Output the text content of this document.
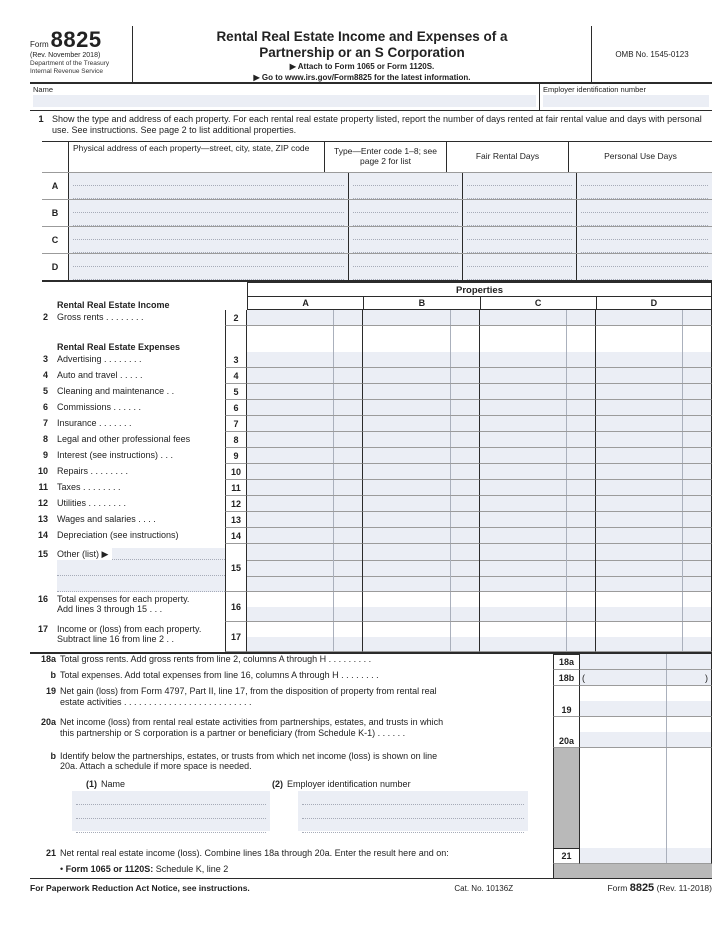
Form 8825
(Rev. November 2018)
Department of the Treasury
Internal Revenue Service
Rental Real Estate Income and Expenses of a
Partnership or an S Corporation
▶ Attach to Form 1065 or Form 1120S.
▶ Go to www.irs.gov/Form8825 for the latest information.
OMB No. 1545-0123
Name	Employer identification number
1 Show the type and address of each property. For each rental real estate property listed, report the number of days rented at fair rental value and days with personal use. See instructions. See page 2 to list additional properties.
Physical address of each property—street, city, state, ZIP code	Type—Enter code 1–8; see page 2 for list	Fair Rental Days	Personal Use Days
A
B
C
D
Properties
Rental Real Estate Income	A	B	C	D
2 Gross rents . . . . . . . .	2
Rental Real Estate Expenses
3 Advertising . . . . . . . .	3
4 Auto and travel . . . . .	4
5 Cleaning and maintenance . .	5
6 Commissions . . . . . .	6
7 Insurance . . . . . . .	7
8 Legal and other professional fees	8
9 Interest (see instructions) . . .	9
10 Repairs . . . . . . . .	10
11 Taxes . . . . . . . .	11
12 Utilities . . . . . . . .	12
13 Wages and salaries . . . .	13
14 Depreciation (see instructions)	14
15 Other (list) ▶
15
16 Total expenses for each property.
Add lines 3 through 15 . . .	16
17 Income or (loss) from each property.
Subtract line 16 from line 2 . .	17
18a Total gross rents. Add gross rents from line 2, columns A through H . . . . . . . . .	18a
b Total expenses. Add total expenses from line 16, columns A through H . . . . . . . .	18b (	)
19 Net gain (loss) from Form 4797, Part II, line 17, from the disposition of property from rental real
estate activities . . . . . . . . . . . . . . . . . . . . . . . . . .
19
20a Net income (loss) from rental real estate activities from partnerships, estates, and trusts in which
this partnership or S corporation is a partner or beneficiary (from Schedule K-1) . . . . . .
20a
b Identify below the partnerships, estates, or trusts from which net income (loss) is shown on line
20a. Attach a schedule if more space is needed.
(1) Name	(2) Employer identification number
21 Net rental real estate income (loss). Combine lines 18a through 20a. Enter the result here and on:	21
• Form 1065 or 1120S: Schedule K, line 2
For Paperwork Reduction Act Notice, see instructions.	Cat. No. 10136Z	Form 8825 (Rev. 11-2018)
